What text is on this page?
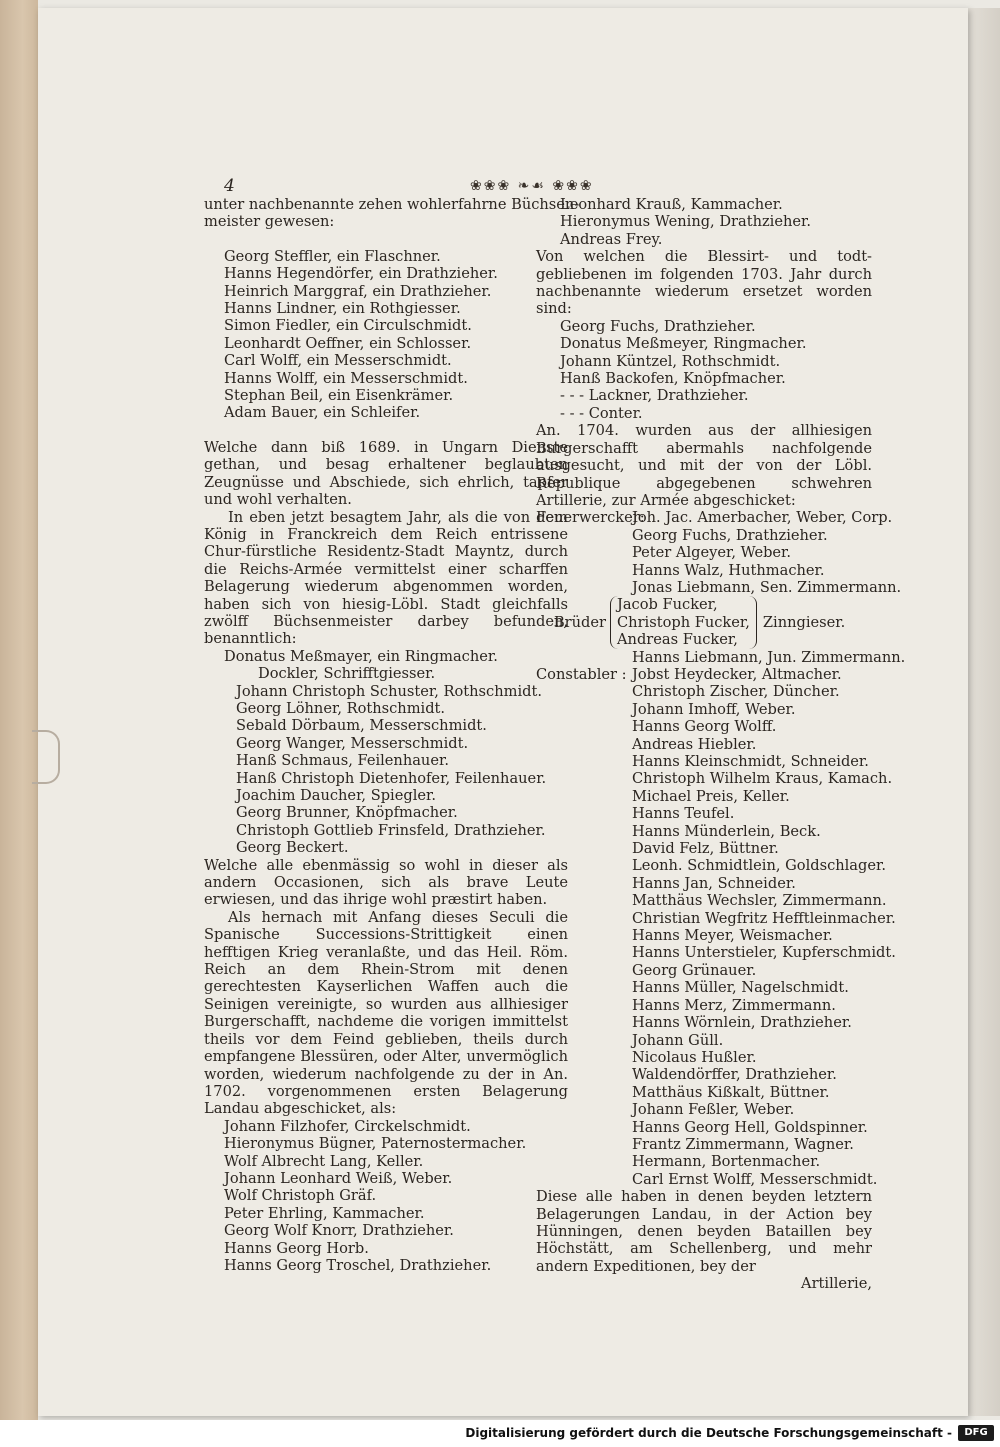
4	❀❀❀ ❧☙ ❀❀❀
unter nachbenannte zehen wohlerfahrne Büchsen-
meister gewesen:
Georg Steffler, ein Flaschner.
Hanns Hegendörfer, ein Drathzieher.
Heinrich Marggraf, ein Drathzieher.
Hanns Lindner, ein Rothgiesser.
Simon Fiedler, ein Circulschmidt.
Leonhardt Oeffner, ein Schlosser.
Carl Wolff, ein Messerschmidt.
Hanns Wolff, ein Messerschmidt.
Stephan Beil, ein Eisenkrämer.
Adam Bauer, ein Schleifer.
Welche dann biß 1689. in Ungarn Dienste gethan, und besag erhaltener beglaubten Zeugnüsse und Abschiede, sich ehrlich, tapfer und wohl verhalten.
In eben jetzt besagtem Jahr, als die von dem König in Franckreich dem Reich entrissene Chur-fürstliche Residentz-Stadt Mayntz, durch die Reichs-Armée vermittelst einer scharffen Belagerung wiederum abgenommen worden, haben sich von hiesig-Löbl. Stadt gleichfalls zwölff Büchsenmeister darbey befunden, benanntlich:
Donatus Meßmayer, ein Ringmacher.
Dockler, Schrifftgiesser.
Johann Christoph Schuster, Rothschmidt.
Georg Löhner, Rothschmidt.
Sebald Dörbaum, Messerschmidt.
Georg Wanger, Messerschmidt.
Hanß Schmaus, Feilenhauer.
Hanß Christoph Dietenhofer, Feilenhauer.
Joachim Daucher, Spiegler.
Georg Brunner, Knöpfmacher.
Christoph Gottlieb Frinsfeld, Drathzieher.
Georg Beckert.
Welche alle ebenmässig so wohl in dieser als andern Occasionen, sich als brave Leute erwiesen, und das ihrige wohl præstirt haben.
Als hernach mit Anfang dieses Seculi die Spanische Successions-Strittigkeit einen hefftigen Krieg veranlaßte, und das Heil. Röm. Reich an dem Rhein-Strom mit denen gerechtesten Kayserlichen Waffen auch die Seinigen vereinigte, so wurden aus allhiesiger Burgerschafft, nachdeme die vorigen immittelst theils vor dem Feind geblieben, theils durch empfangene Blessüren, oder Alter, unvermöglich worden, wiederum nachfolgende zu der in An. 1702. vorgenommenen ersten Belagerung Landau abgeschicket, als:
Johann Filzhofer, Circkelschmidt.
Hieronymus Bügner, Paternostermacher.
Wolf Albrecht Lang, Keller.
Johann Leonhard Weiß, Weber.
Wolf Christoph Gräf.
Peter Ehrling, Kammacher.
Georg Wolf Knorr, Drathzieher.
Hanns Georg Horb.
Hanns Georg Troschel, Drathzieher.
Leonhard Krauß, Kammacher.
Hieronymus Wening, Drathzieher.
Andreas Frey.
Von welchen die Blessirt- und todt- gebliebenen im folgenden 1703. Jahr durch nachbenannte wiederum ersetzet worden sind:
Georg Fuchs, Drathzieher.
Donatus Meßmeyer, Ringmacher.
Johann Küntzel, Rothschmidt.
Hanß Backofen, Knöpfmacher.
- - - Lackner, Drathzieher.
- - - Conter.
An. 1704. wurden aus der allhiesigen Burgerschafft abermahls nachfolgende ausgesucht, und mit der von der Löbl. Republique abgegebenen schwehren Artillerie, zur Armée abgeschicket:
Feuerwercker:
Joh. Jac. Amerbacher, Weber, Corp.
Georg Fuchs, Drathzieher.
Peter Algeyer, Weber.
Hanns Walz, Huthmacher.
Jonas Liebmann, Sen. Zimmermann.
Brüder
Jacob Fucker,
Christoph Fucker,
Andreas Fucker,
Zinngieser.
Hanns Liebmann, Jun. Zimmermann.
Constabler : Jobst Heydecker, Altmacher.
Christoph Zischer, Düncher.
Johann Imhoff, Weber.
Hanns Georg Wolff.
Andreas Hiebler.
Hanns Kleinschmidt, Schneider.
Christoph Wilhelm Kraus, Kamach.
Michael Preis, Keller.
Hanns Teufel.
Hanns Münderlein, Beck.
David Felz, Büttner.
Leonh. Schmidtlein, Goldschlager.
Hanns Jan, Schneider.
Matthäus Wechsler, Zimmermann.
Christian Wegfritz Hefftleinmacher.
Hanns Meyer, Weismacher.
Hanns Unterstieler, Kupferschmidt.
Georg Grünauer.
Hanns Müller, Nagelschmidt.
Hanns Merz, Zimmermann.
Hanns Wörnlein, Drathzieher.
Johann Güll.
Nicolaus Hußler.
Waldendörffer, Drathzieher.
Matthäus Kißkalt, Büttner.
Johann Feßler, Weber.
Hanns Georg Hell, Goldspinner.
Frantz Zimmermann, Wagner.
Hermann, Bortenmacher.
Carl Ernst Wolff, Messerschmidt.
Diese alle haben in denen beyden letztern Belagerungen Landau, in der Action bey Hünningen, denen beyden Bataillen bey Höchstätt, am Schellenberg, und mehr andern Expeditionen, bey der
Artillerie,
Digitalisierung gefördert durch die Deutsche Forschungsgemeinschaft -	DFG
